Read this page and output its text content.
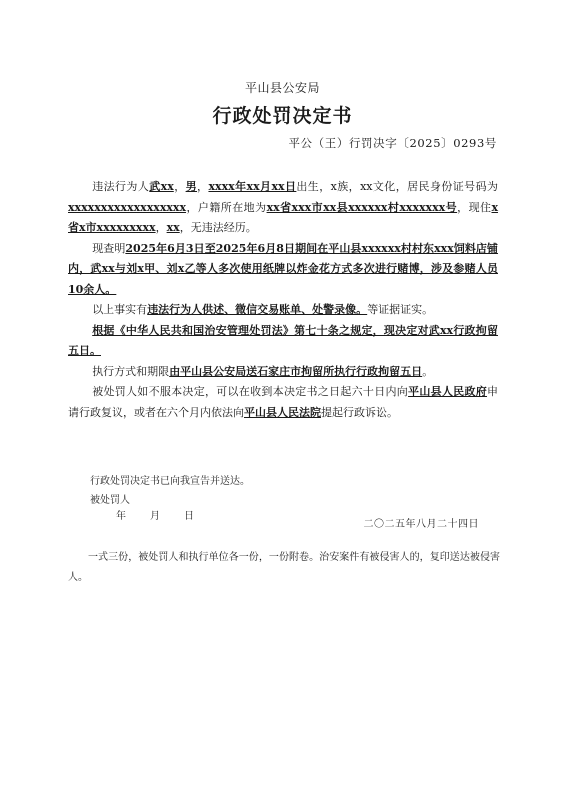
平山县公安局
行政处罚决定书
平公（王）行罚决字〔2025〕0293号

违法行为人武xx，男，xxxx年xx月xx日出生，x族，xx文化，居民身份证号码为xxxxxxxxxxxxxxxxxx，户籍所在地为xx省xxx市xx县xxxxxx村xxxxxxx号，现住x省x市xxxxxxxxx，xx，无违法经历。

现查明2025年6月3日至2025年6月8日期间在平山县xxxxxx村村东xxx饲料店铺内，武xx与刘x甲、刘x乙等人多次使用纸牌以炸金花方式多次进行赌博，涉及参赌人员10余人。

以上事实有违法行为人供述、微信交易账单、处警录像。等证据证实。

根据《中华人民共和国治安管理处罚法》第七十条之规定，现决定对武xx行政拘留五日。

执行方式和期限由平山县公安局送石家庄市拘留所执行行政拘留五日。

被处罚人如不服本决定，可以在收到本决定书之日起六十日内向平山县人民政府申请行政复议，或者在六个月内依法向平山县人民法院提起行政诉讼。

行政处罚决定书已向我宣告并送达。
被处罚人
年 月 日
二〇二五年八月二十四日
一式三份，被处罚人和执行单位各一份，一份附卷。治安案件有被侵害人的，复印送达被侵害人。
